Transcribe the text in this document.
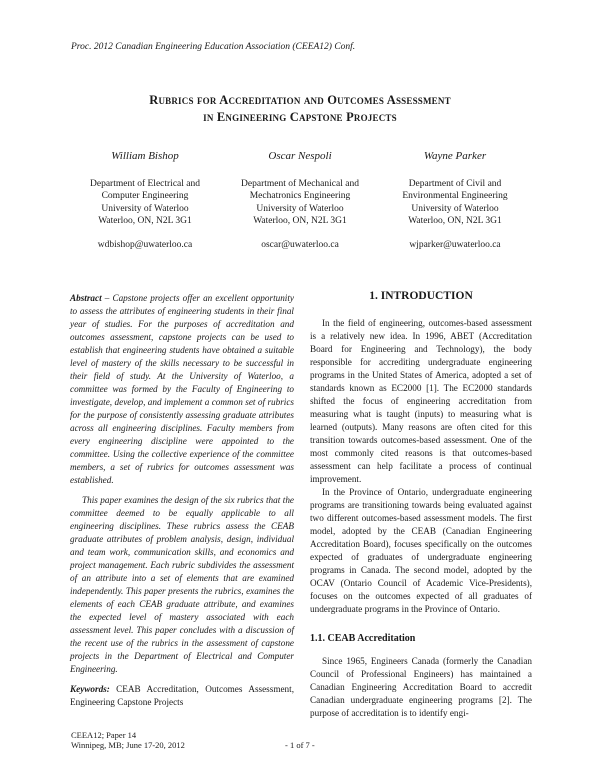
Proc. 2012 Canadian Engineering Education Association (CEEA12) Conf.
Rubrics for Accreditation and Outcomes Assessment
in Engineering Capstone Projects
William Bishop
Department of Electrical and
Computer Engineering
University of Waterloo
Waterloo, ON, N2L 3G1
wdbishop@uwaterloo.ca
Oscar Nespoli
Department of Mechanical and
Mechatronics Engineering
University of Waterloo
Waterloo, ON, N2L 3G1
oscar@uwaterloo.ca
Wayne Parker
Department of Civil and
Environmental Engineering
University of Waterloo
Waterloo, ON, N2L 3G1
wjparker@uwaterloo.ca

Abstract – Capstone projects offer an excellent opportunity to assess the attributes of engineering students in their final year of studies. For the purposes of accreditation and outcomes assessment, capstone projects can be used to establish that engineering students have obtained a suitable level of mastery of the skills necessary to be successful in their field of study. At the University of Waterloo, a committee was formed by the Faculty of Engineering to investigate, develop, and implement a common set of rubrics for the purpose of consistently assessing graduate attributes across all engineering disciplines. Faculty members from every engineering discipline were appointed to the committee. Using the collective experience of the committee members, a set of rubrics for outcomes assessment was established.

This paper examines the design of the six rubrics that the committee deemed to be equally applicable to all engineering disciplines. These rubrics assess the CEAB graduate attributes of problem analysis, design, individual and team work, communication skills, and economics and project management. Each rubric subdivides the assessment of an attribute into a set of elements that are examined independently. This paper presents the rubrics, examines the elements of each CEAB graduate attribute, and examines the expected level of mastery associated with each assessment level. This paper concludes with a discussion of the recent use of the rubrics in the assessment of capstone projects in the Department of Electrical and Computer Engineering.

Keywords: CEAB Accreditation, Outcomes Assessment, Engineering Capstone Projects

1. INTRODUCTION

In the field of engineering, outcomes-based assessment is a relatively new idea. In 1996, ABET (Accreditation Board for Engineering and Technology), the body responsible for accrediting undergraduate engineering programs in the United States of America, adopted a set of standards known as EC2000 [1]. The EC2000 standards shifted the focus of engineering accreditation from measuring what is taught (inputs) to measuring what is learned (outputs). Many reasons are often cited for this transition towards outcomes-based assessment. One of the most commonly cited reasons is that outcomes-based assessment can help facilitate a process of continual improvement.

In the Province of Ontario, undergraduate engineering programs are transitioning towards being evaluated against two different outcomes-based assessment models. The first model, adopted by the CEAB (Canadian Engineering Accreditation Board), focuses specifically on the outcomes expected of graduates of undergraduate engineering programs in Canada. The second model, adopted by the OCAV (Ontario Council of Academic Vice-Presidents), focuses on the outcomes expected of all graduates of undergraduate programs in the Province of Ontario.

1.1. CEAB Accreditation

Since 1965, Engineers Canada (formerly the Canadian Council of Professional Engineers) has maintained a Canadian Engineering Accreditation Board to accredit Canadian undergraduate engineering programs [2]. The purpose of accreditation is to identify engi-

CEEA12; Paper 14
Winnipeg, MB; June 17-20, 2012	- 1 of 7 -
